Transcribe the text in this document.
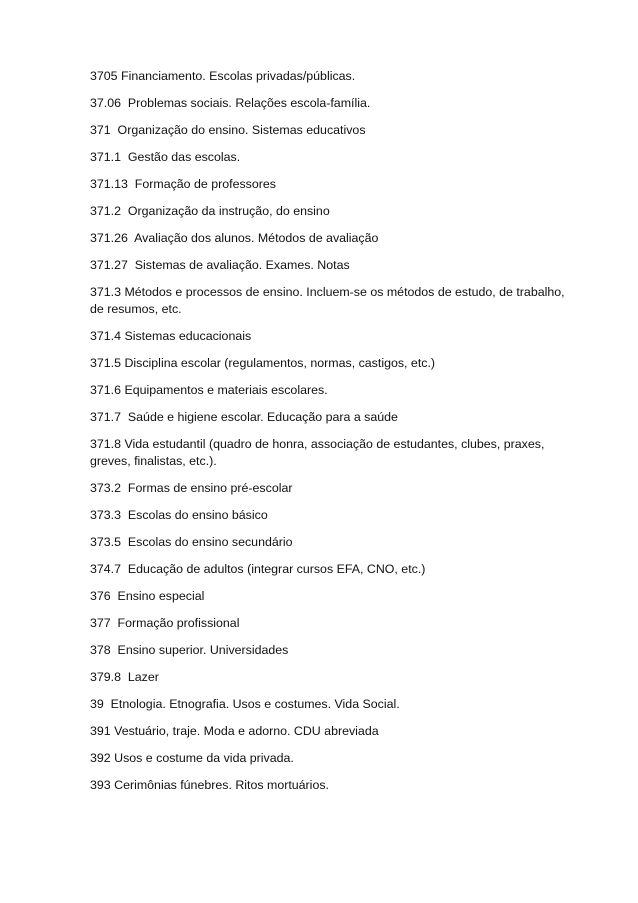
3705 Financiamento. Escolas privadas/públicas.
37.06  Problemas sociais. Relações escola-família.
371  Organização do ensino. Sistemas educativos
371.1  Gestão das escolas.
371.13  Formação de professores
371.2  Organização da instrução, do ensino
371.26  Avaliação dos alunos. Métodos de avaliação
371.27  Sistemas de avaliação. Exames. Notas
371.3 Métodos e processos de ensino. Incluem-se os métodos de estudo, de trabalho, de resumos, etc.
371.4 Sistemas educacionais
371.5 Disciplina escolar (regulamentos, normas, castigos, etc.)
371.6 Equipamentos e materiais escolares.
371.7  Saúde e higiene escolar. Educação para a saúde
371.8 Vida estudantil (quadro de honra, associação de estudantes, clubes, praxes, greves, finalistas, etc.).
373.2  Formas de ensino pré-escolar
373.3  Escolas do ensino básico
373.5  Escolas do ensino secundário
374.7  Educação de adultos (integrar cursos EFA, CNO, etc.)
376  Ensino especial
377  Formação profissional
378  Ensino superior. Universidades
379.8  Lazer
39  Etnologia. Etnografia. Usos e costumes. Vida Social.
391 Vestuário, traje. Moda e adorno. CDU abreviada
392 Usos e costume da vida privada.
393 Cerimônias fúnebres. Ritos mortuários.
